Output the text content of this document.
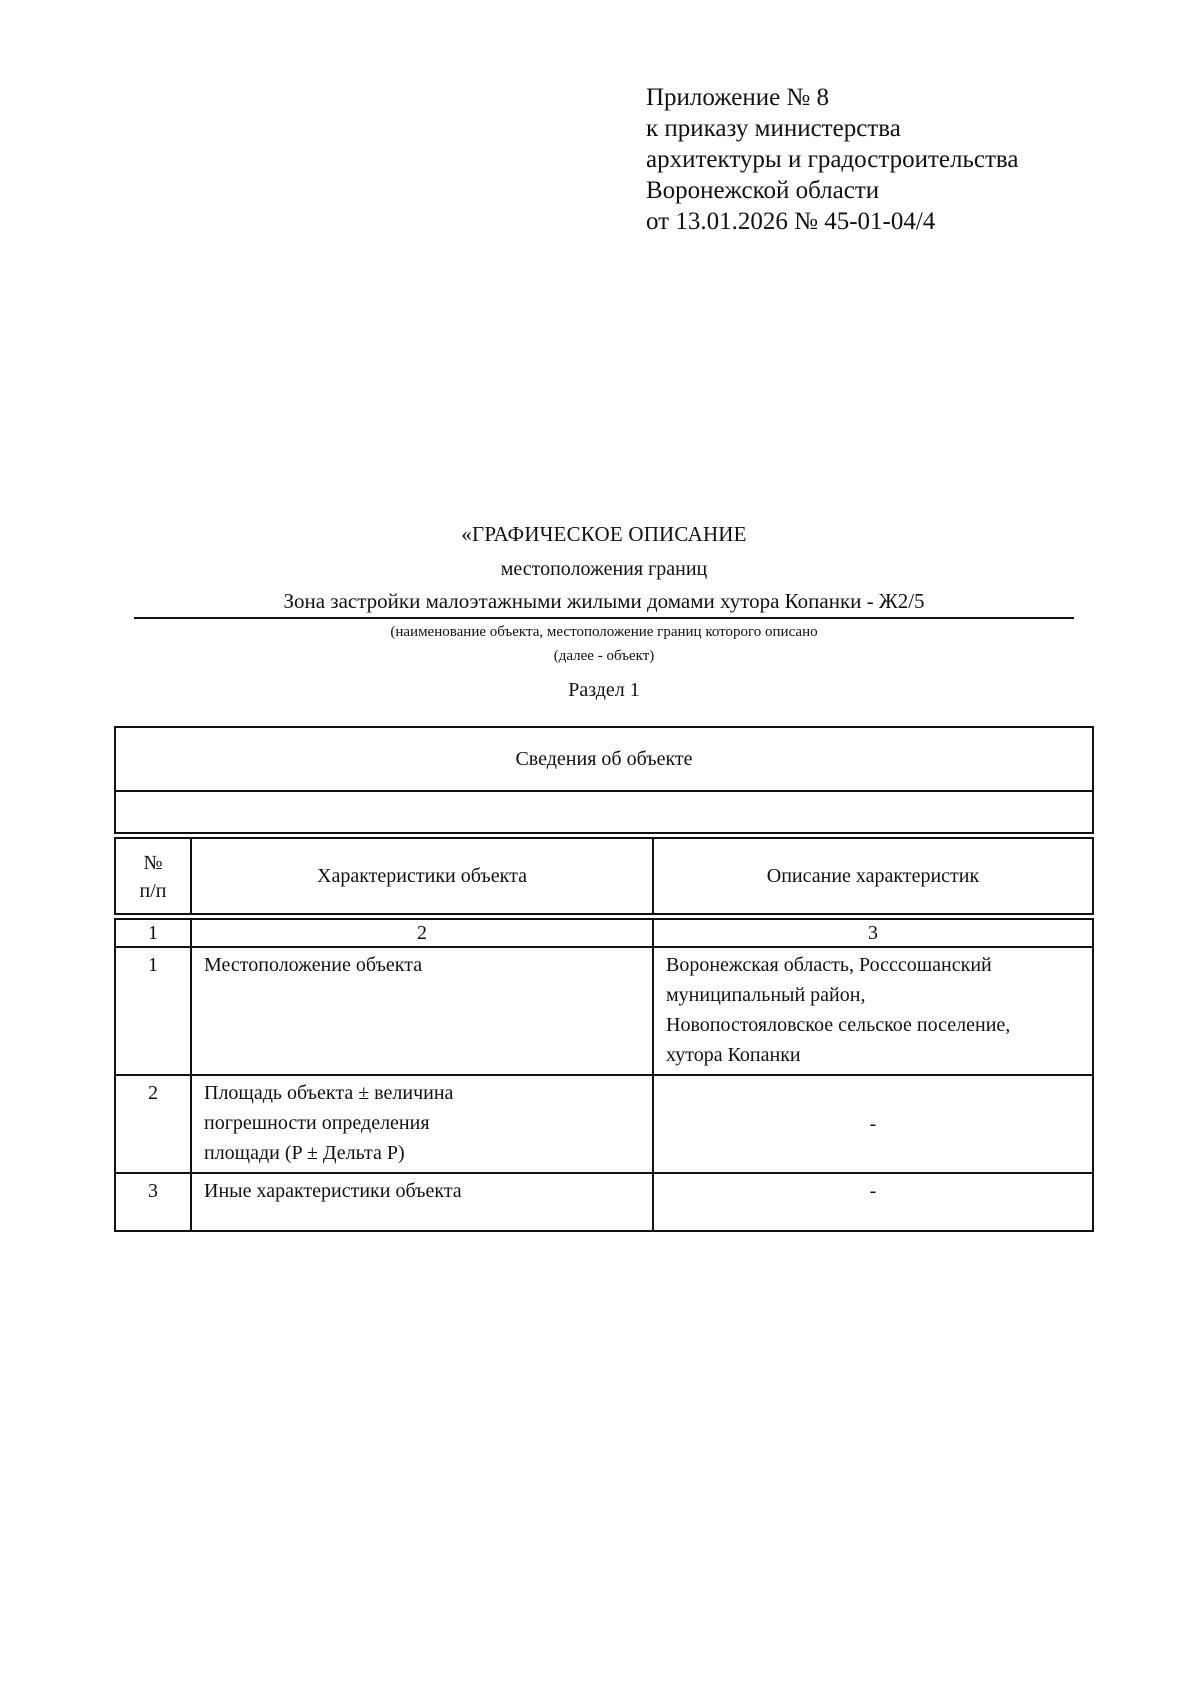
Приложение № 8
к приказу министерства
архитектуры и градостроительства
Воронежской области
от 13.01.2026 № 45-01-04/4
«ГРАФИЧЕСКОЕ ОПИСАНИЕ
местоположения границ
Зона застройки малоэтажными жилыми домами хутора Копанки - Ж2/5
(наименование объекта, местоположение границ которого описано
(далее - объект)
Раздел 1
Сведения об объекте		

№
п/п	Характеристики объекта	Описание характеристик

1	2	3
1	Местоположение объекта	Воронежская область, Росссошанский
муниципальный район,
Новопостояловское сельское поселение,
хутора Копанки

2	Площадь объекта ± величина
погрешности определения
площади (P ± Дельта P)	-
3	Иные характеристики объекта	-
